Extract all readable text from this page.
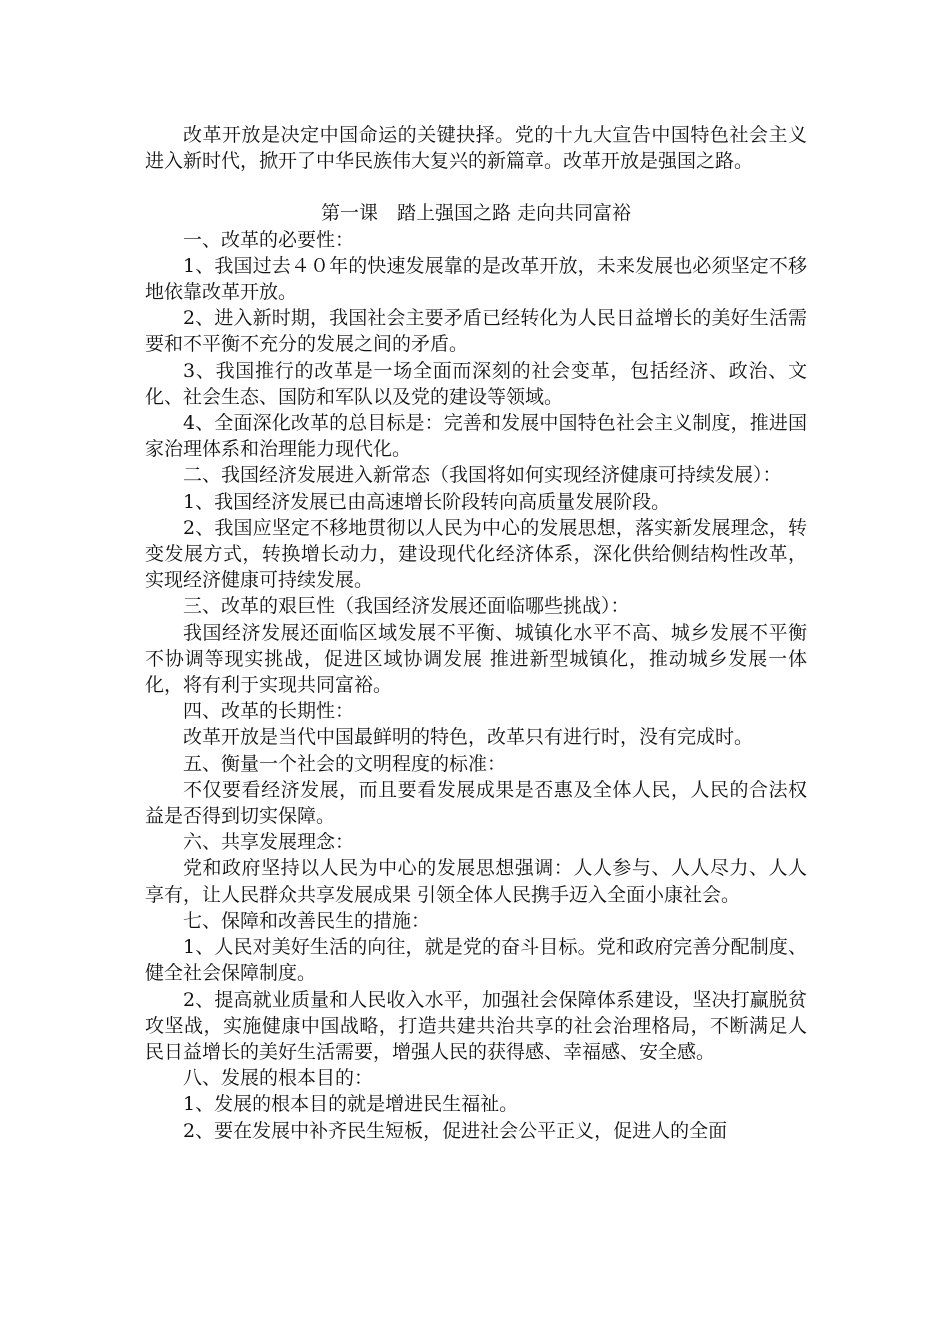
改革开放是决定中国命运的关键抉择。党的十九大宣告中国特色社会主义进入新时代，掀开了中华民族伟大复兴的新篇章。改革开放是强国之路。

第一课　踏上强国之路 走向共同富裕

一、改革的必要性：

1、我国过去４０年的快速发展靠的是改革开放，未来发展也必须坚定不移地依靠改革开放。

2、进入新时期，我国社会主要矛盾已经转化为人民日益增长的美好生活需要和不平衡不充分的发展之间的矛盾。

3、我国推行的改革是一场全面而深刻的社会变革，包括经济、政治、文化、社会生态、国防和军队以及党的建设等领域。

4、全面深化改革的总目标是：完善和发展中国特色社会主义制度，推进国家治理体系和治理能力现代化。

二、我国经济发展进入新常态（我国将如何实现经济健康可持续发展）：

1、我国经济发展已由高速增长阶段转向高质量发展阶段。

2、我国应坚定不移地贯彻以人民为中心的发展思想，落实新发展理念，转变发展方式，转换增长动力，建设现代化经济体系，深化供给侧结构性改革，实现经济健康可持续发展。

三、改革的艰巨性（我国经济发展还面临哪些挑战）：

我国经济发展还面临区域发展不平衡、城镇化水平不高、城乡发展不平衡不协调等现实挑战，促进区域协调发展 推进新型城镇化，推动城乡发展一体化，将有利于实现共同富裕。

四、改革的长期性：

改革开放是当代中国最鲜明的特色，改革只有进行时，没有完成时。

五、衡量一个社会的文明程度的标准：

不仅要看经济发展，而且要看发展成果是否惠及全体人民，人民的合法权益是否得到切实保障。

六、共享发展理念：

党和政府坚持以人民为中心的发展思想强调：人人参与、人人尽力、人人享有，让人民群众共享发展成果 引领全体人民携手迈入全面小康社会。

七、保障和改善民生的措施：

1、人民对美好生活的向往，就是党的奋斗目标。党和政府完善分配制度、健全社会保障制度。

2、提高就业质量和人民收入水平，加强社会保障体系建设，坚决打赢脱贫攻坚战，实施健康中国战略，打造共建共治共享的社会治理格局，不断满足人民日益增长的美好生活需要，增强人民的获得感、幸福感、安全感。

八、发展的根本目的：

1、发展的根本目的就是增进民生福祉。

2、要在发展中补齐民生短板，促进社会公平正义，促进人的全面
